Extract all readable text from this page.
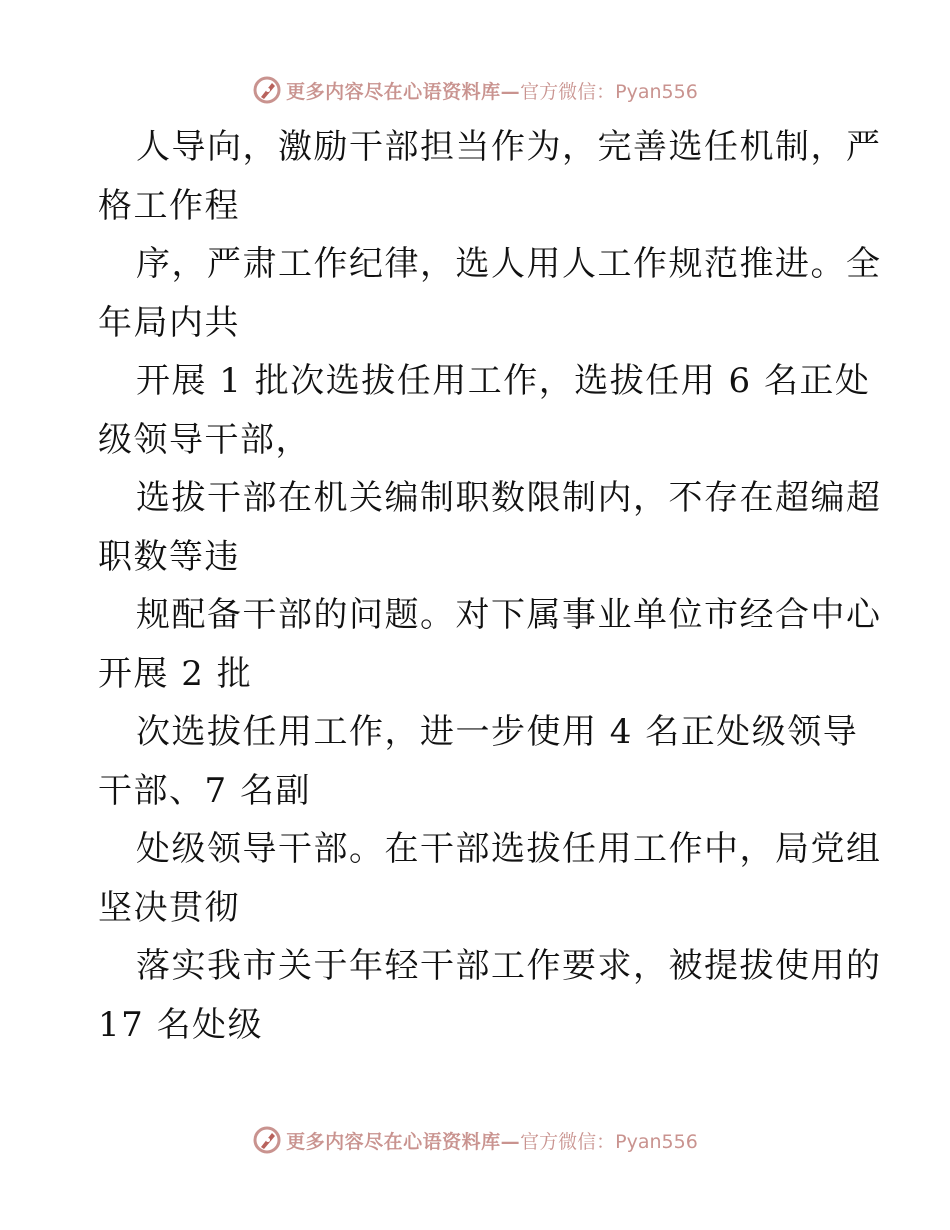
更多内容尽在心语资料库— 官方微信：Pyan556
人导向，激励干部担当作为，完善选任机制，严
格工作程
序，严肃工作纪律，选人用人工作规范推进。全
年局内共
开展 1 批次选拔任用工作，选拔任用 6 名正处
级领导干部，
选拔干部在机关编制职数限制内，不存在超编超
职数等违
规配备干部的问题。对下属事业单位市经合中心
开展 2 批
次选拔任用工作，进一步使用 4 名正处级领导
干部、7 名副
处级领导干部。在干部选拔任用工作中，局党组
坚决贯彻
落实我市关于年轻干部工作要求，被提拔使用的
17 名处级
更多内容尽在心语资料库— 官方微信：Pyan556
